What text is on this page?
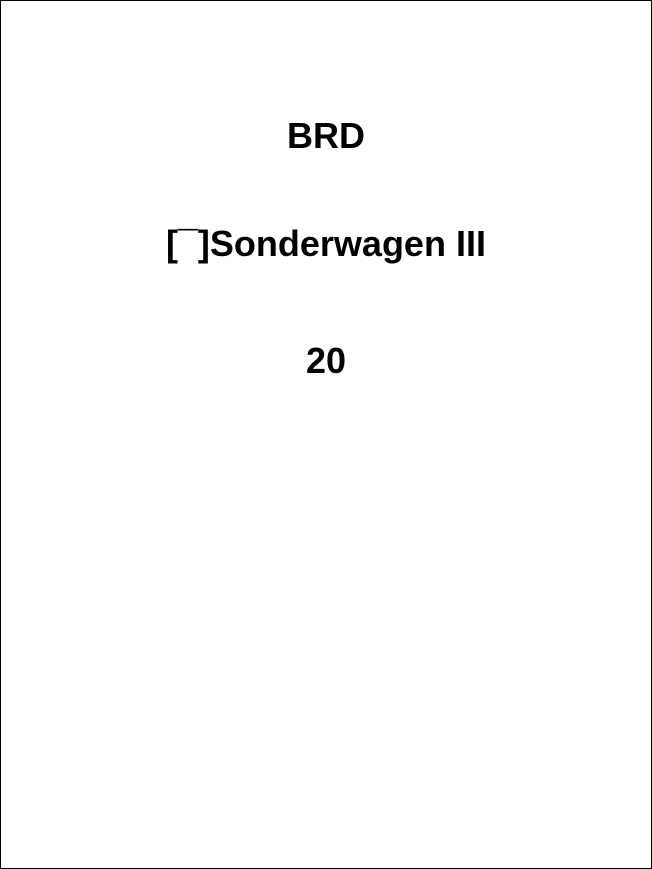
BRD

[¯]Sonderwagen III

20
